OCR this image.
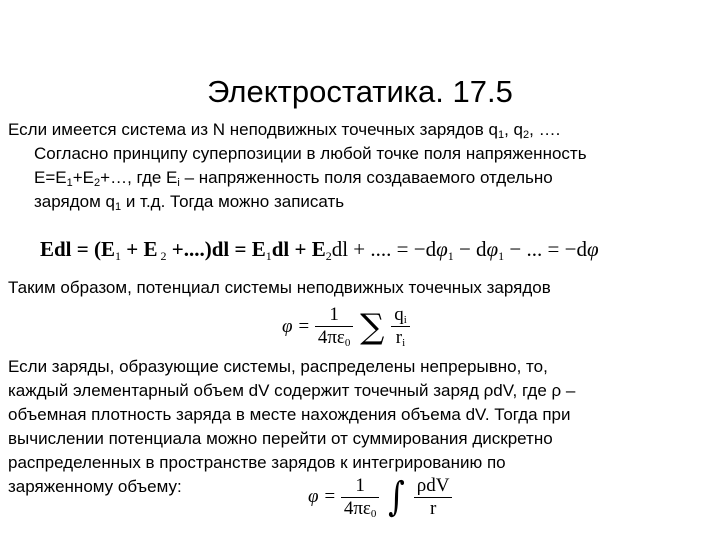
Электростатика. 17.5
Если имеется система из N неподвижных точечных зарядов $q_1$, $q_2$, ….
Согласно принципу суперпозиции в любой точке поля напряженность
$E=E_1+E_2+\dots$, где $E_i$ – напряженность поля создаваемого отдельно
зарядом $q_1$ и т.д. Тогда можно записать
Edl = ($E_1 + E$ $_2 +....)dl = E_1dl + E_2dl$ + .... = $-d\varphi_1 - d\varphi_1$ − ... = −dφ
Таким образом, потенциал системы неподвижных точечных зарядов
$\varphi = \frac{1}{4\pi\varepsilon_0}$ ∑ $\frac{q_i}{r_i}$
Если заряды, образующие системы, распределены непрерывно, то,
каждый элементарный объем dV содержит точечный заряд ρdV, где ρ –
объемная плотность заряда в месте нахождения объема dV. Тогда при
вычислении потенциала можно перейти от суммирования дискретно
распределенных в пространстве зарядов к интегрированию по
заряженному объему:	$\varphi = \frac{1}{4\pi\varepsilon_0}$ ∫ $\frac{\text{ρdV}}{r}$
